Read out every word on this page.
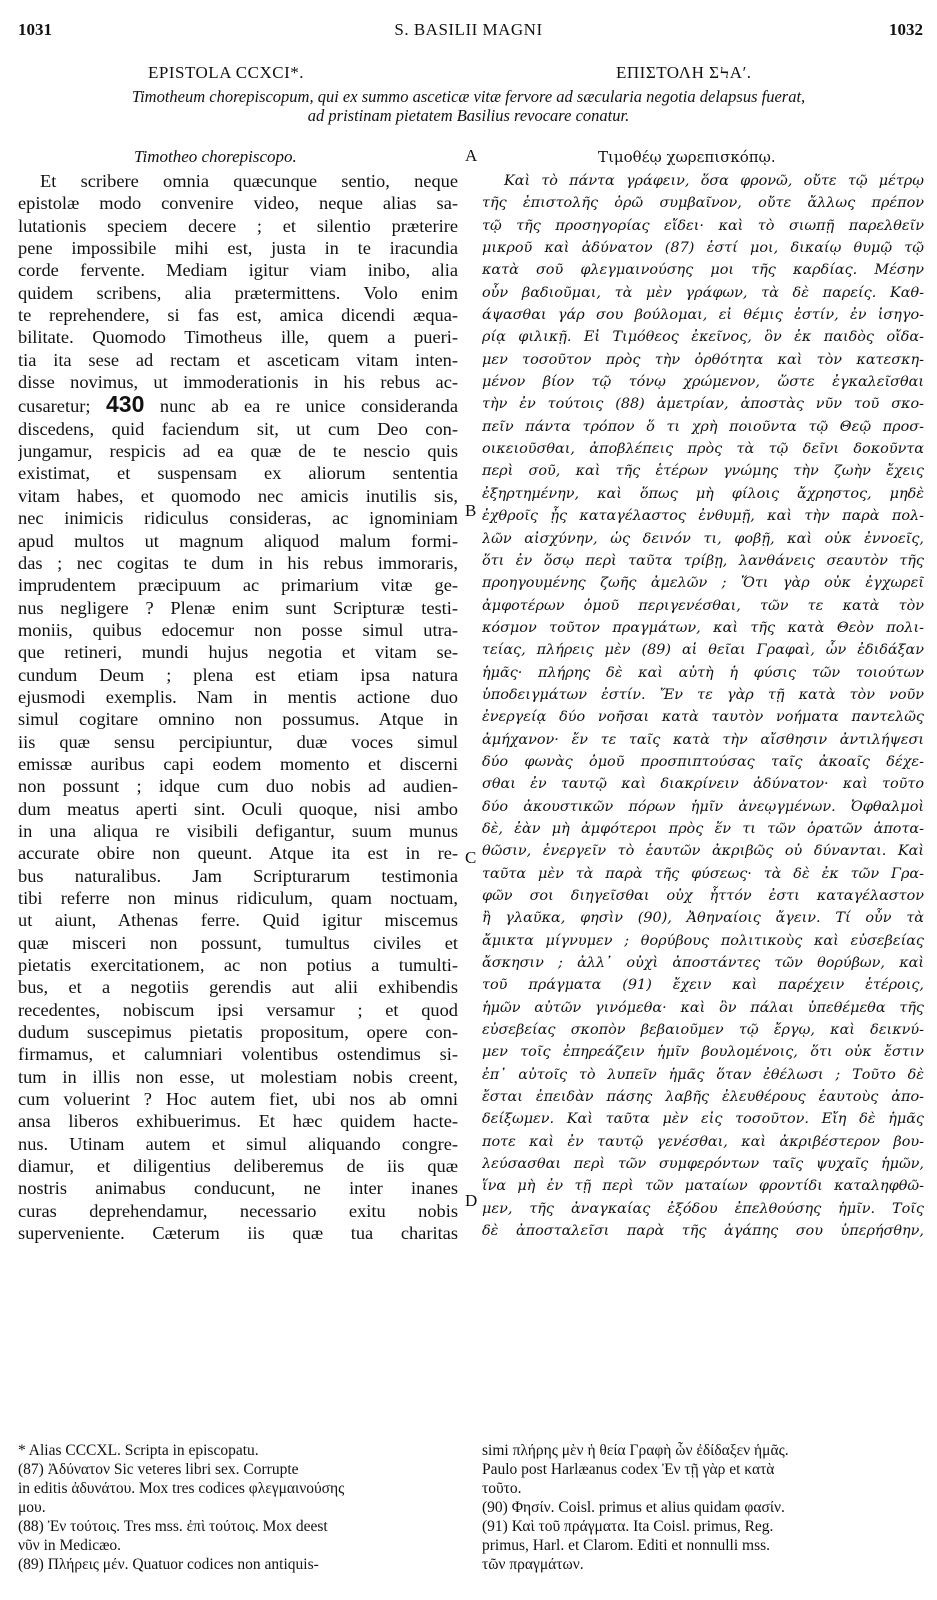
1031	S. BASILII MAGNI	1032
EPISTOLA CCXCI*.	ΕΠΙΣΤΟΛΗ ΣϞΑʹ.
Timotheum chorepiscopum, qui ex summo asceticæ vitæ fervore ad sæcularia negotia delapsus fuerat,
ad pristinam pietatem Basilius revocare conatur.
Timotheo chorepiscopo.	Τιμοθέῳ χωρεπισκόπῳ.
A
B
C
D
Et scribere omnia quæcunque sentio, neque
epistolæ modo convenire video, neque alias sa-
lutationis speciem decere ; et silentio præterire
pene impossibile mihi est, justa in te iracundia
corde fervente. Mediam igitur viam inibo, alia
quidem scribens, alia prætermittens. Volo enim
te reprehendere, si fas est, amica dicendi æqua-
bilitate. Quomodo Timotheus ille, quem a pueri-
tia ita sese ad rectam et asceticam vitam inten-
disse novimus, ut immoderationis in his rebus ac-
cusaretur; 430 nunc ab ea re unice consideranda
discedens, quid faciendum sit, ut cum Deo con-
jungamur, respicis ad ea quæ de te nescio quis
existimat, et suspensam ex aliorum sententia
vitam habes, et quomodo nec amicis inutilis sis,
nec inimicis ridiculus consideras, ac ignominiam
apud multos ut magnum aliquod malum formi-
das ; nec cogitas te dum in his rebus immoraris,
imprudentem præcipuum ac primarium vitæ ge-
nus negligere ? Plenæ enim sunt Scripturæ testi-
moniis, quibus edocemur non posse simul utra-
que retineri, mundi hujus negotia et vitam se-
cundum Deum ; plena est etiam ipsa natura
ejusmodi exemplis. Nam in mentis actione duo
simul cogitare omnino non possumus. Atque in
iis quæ sensu percipiuntur, duæ voces simul
emissæ auribus capi eodem momento et discerni
non possunt ; idque cum duo nobis ad audien-
dum meatus aperti sint. Oculi quoque, nisi ambo
in una aliqua re visibili defigantur, suum munus
accurate obire non queunt. Atque ita est in re-
bus naturalibus. Jam Scripturarum testimonia
tibi referre non minus ridiculum, quam noctuam,
ut aiunt, Athenas ferre. Quid igitur miscemus
quæ misceri non possunt, tumultus civiles et
pietatis exercitationem, ac non potius a tumulti-
bus, et a negotiis gerendis aut alii exhibendis
recedentes, nobiscum ipsi versamur ; et quod
dudum suscepimus pietatis propositum, opere con-
firmamus, et calumniari volentibus ostendimus si-
tum in illis non esse, ut molestiam nobis creent,
cum voluerint ? Hoc autem fiet, ubi nos ab omni
ansa liberos exhibuerimus. Et hæc quidem hacte-
nus. Utinam autem et simul aliquando congre-
diamur, et diligentius deliberemus de iis quæ
nostris animabus conducunt, ne inter inanes
curas deprehendamur, necessario exitu nobis
superveniente. Cæterum iis quæ tua charitas
Καὶ τὸ πάντα γράφειν, ὅσα φρονῶ, οὔτε τῷ μέτρῳ
τῆς ἐπιστολῆς ὁρῶ συμβαῖνον, οὔτε ἄλλως πρέπον
τῷ τῆς προσηγορίας εἴδει· καὶ τὸ σιωπῇ παρελθεῖν
μικροῦ καὶ ἀδύνατον (87) ἐστί μοι, δικαίῳ θυμῷ τῷ
κατὰ σοῦ φλεγμαινούσης μοι τῆς καρδίας. Μέσην
οὖν βαδιοῦμαι, τὰ μὲν γράφων, τὰ δὲ παρείς. Καθ-
άψασθαι γάρ σου βούλομαι, εἰ θέμις ἐστίν, ἐν ἰσηγο-
ρίᾳ φιλικῇ. Εἰ Τιμόθεος ἐκεῖνος, ὃν ἐκ παιδὸς οἴδα-
μεν τοσοῦτον πρὸς τὴν ὀρθότητα καὶ τὸν κατεσκη-
μένον βίον τῷ τόνῳ χρώμενον, ὥστε ἐγκαλεῖσθαι
τὴν ἐν τούτοις (88) ἀμετρίαν, ἀποστὰς νῦν τοῦ σκο-
πεῖν πάντα τρόπον ὅ τι χρὴ ποιοῦντα τῷ Θεῷ προσ-
οικειοῦσθαι, ἀποβλέπεις πρὸς τὰ τῷ δεῖνι δοκοῦντα
περὶ σοῦ, καὶ τῆς ἑτέρων γνώμης τὴν ζωὴν ἔχεις
ἐξηρτημένην, καὶ ὅπως μὴ φίλοις ἄχρηστος, μηδὲ
ἐχθροῖς ᾖς καταγέλαστος ἐνθυμῇ, καὶ τὴν παρὰ πολ-
λῶν αἰσχύνην, ὡς δεινόν τι, φοβῇ, καὶ οὐκ ἐννοεῖς,
ὅτι ἐν ὅσῳ περὶ ταῦτα τρίβῃ, λανθάνεις σεαυτὸν τῆς
προηγουμένης ζωῆς ἀμελῶν ; Ὅτι γὰρ οὐκ ἐγχωρεῖ
ἀμφοτέρων ὁμοῦ περιγενέσθαι, τῶν τε κατὰ τὸν
κόσμον τοῦτον πραγμάτων, καὶ τῆς κατὰ Θεὸν πολι-
τείας, πλήρεις μὲν (89) αἱ θεῖαι Γραφαὶ, ὧν ἐδιδάξαν
ἡμᾶς· πλήρης δὲ καὶ αὐτὴ ἡ φύσις τῶν τοιούτων
ὑποδειγμάτων ἐστίν. Ἔν τε γὰρ τῇ κατὰ τὸν νοῦν
ἐνεργείᾳ δύο νοῆσαι κατὰ ταυτὸν νοήματα παντελῶς
ἀμήχανον· ἔν τε ταῖς κατὰ τὴν αἴσθησιν ἀντιλήψεσι
δύο φωνὰς ὁμοῦ προσπιπτούσας ταῖς ἀκοαῖς δέχε-
σθαι ἐν ταυτῷ καὶ διακρίνειν ἀδύνατον· καὶ τοῦτο
δύο ἀκουστικῶν πόρων ἡμῖν ἀνεῳγμένων. Ὀφθαλμοὶ
δὲ, ἐὰν μὴ ἀμφότεροι πρὸς ἕν τι τῶν ὁρατῶν ἀποτα-
θῶσιν, ἐνεργεῖν τὸ ἑαυτῶν ἀκριβῶς οὐ δύνανται. Καὶ
ταῦτα μὲν τὰ παρὰ τῆς φύσεως· τὰ δὲ ἐκ τῶν Γρα-
φῶν σοι διηγεῖσθαι οὐχ ἧττόν ἐστι καταγέλαστον
ἢ γλαῦκα, φησὶν (90), Ἀθηναίοις ἄγειν. Τί οὖν τὰ
ἄμικτα μίγνυμεν ; θορύβους πολιτικοὺς καὶ εὐσεβείας
ἄσκησιν ; ἀλλ᾽ οὐχὶ ἀποστάντες τῶν θορύβων, καὶ
τοῦ πράγματα (91) ἔχειν καὶ παρέχειν ἑτέροις,
ἡμῶν αὐτῶν γινόμεθα· καὶ ὃν πάλαι ὑπεθέμεθα τῆς
εὐσεβείας σκοπὸν βεβαιοῦμεν τῷ ἔργῳ, καὶ δεικνύ-
μεν τοῖς ἐπηρεάζειν ἡμῖν βουλομένοις, ὅτι οὐκ ἔστιν
ἐπ᾽ αὐτοῖς τὸ λυπεῖν ἡμᾶς ὅταν ἐθέλωσι ; Τοῦτο δὲ
ἔσται ἐπειδὰν πάσης λαβῆς ἐλευθέρους ἑαυτοὺς ἀπο-
δείξωμεν. Καὶ ταῦτα μὲν εἰς τοσοῦτον. Εἴη δὲ ἡμᾶς
ποτε καὶ ἐν ταυτῷ γενέσθαι, καὶ ἀκριβέστερον βου-
λεύσασθαι περὶ τῶν συμφερόντων ταῖς ψυχαῖς ἡμῶν,
ἵνα μὴ ἐν τῇ περὶ τῶν ματαίων φροντίδι καταληφθῶ-
μεν, τῆς ἀναγκαίας ἐξόδου ἐπελθούσης ἡμῖν. Τοῖς
δὲ ἀποσταλεῖσι παρὰ τῆς ἀγάπης σου ὑπερήσθην,
* Alias CCCXL. Scripta in episcopatu.
(87) Ἀδύνατον Sic veteres libri sex. Corrupte
in editis ἀδυνάτου. Mox tres codices φλεγμαινούσης
μου.
(88) Ἐν τούτοις. Tres mss. ἐπὶ τούτοις. Mox deest
νῦν in Medicæo.
(89) Πλήρεις μέν. Quatuor codices non antiquis-
simi πλήρης μὲν ἡ θεία Γραφὴ ὧν ἐδίδαξεν ἡμᾶς.
Paulo post Harlæanus codex Ἐν τῇ γὰρ et κατὰ
τοῦτο.
(90) Φησίν. Coisl. primus et alius quidam φασίν.
(91) Καὶ τοῦ πράγματα. Ita Coisl. primus, Reg.
primus, Harl. et Clarom. Editi et nonnulli mss.
τῶν πραγμάτων.
